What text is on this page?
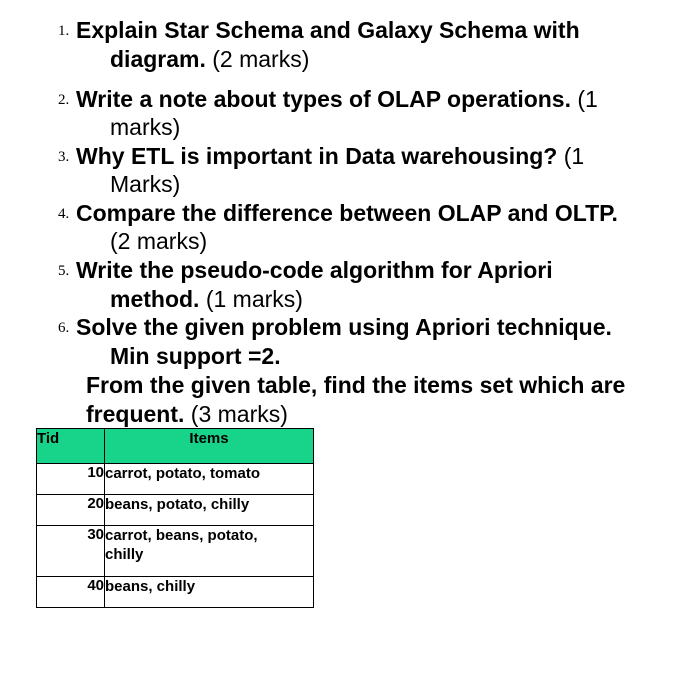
1. Explain Star Schema and Galaxy Schema with
diagram. (2 marks)
2. Write a note about types of OLAP operations. (1
marks)
3. Why ETL is important in Data warehousing? (1
Marks)
4. Compare the difference between OLAP and OLTP.
(2 marks)
5. Write the pseudo-code algorithm for Apriori
method. (1 marks)
6. Solve the given problem using Apriori technique.
Min support =2.
From the given table, find the items set which are
frequent. (3 marks)
Tid	Items
10	carrot, potato, tomato

20	beans, potato, chilly

30	carrot, beans, potato,
chilly

40	beans, chilly
